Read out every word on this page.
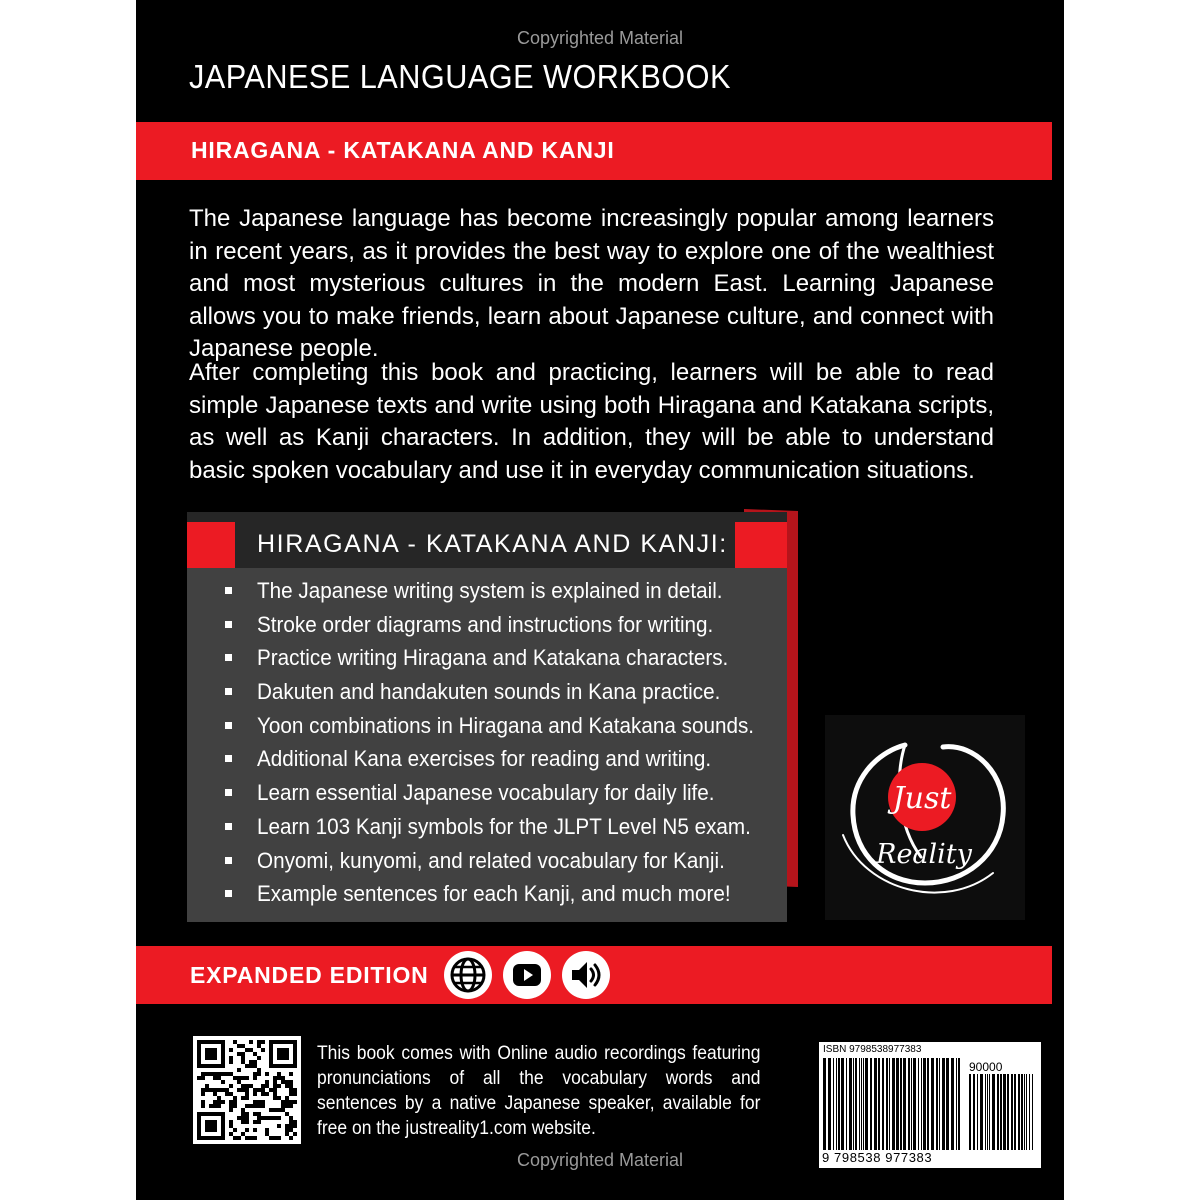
Copyrighted Material
JAPANESE LANGUAGE WORKBOOK
HIRAGANA - KATAKANA AND KANJI

The Japanese language has become increasingly popular among learners in recent years, as it provides the best way to explore one of the wealthiest and most mysterious cultures in the modern East. Learning Japanese allows you to make friends, learn about Japanese culture, and connect with Japanese people.

After completing this book and practicing, learners will be able to read simple Japanese texts and write using both Hiragana and Katakana scripts, as well as Kanji characters. In addition, they will be able to understand basic spoken vocabulary and use it in everyday communication situations.

HIRAGANA - KATAKANA AND KANJI:
The Japanese writing system is explained in detail.
Stroke order diagrams and instructions for writing.
Practice writing Hiragana and Katakana characters.
Dakuten and handakuten sounds in Kana practice.
Yoon combinations in Hiragana and Katakana sounds.
Additional Kana exercises for reading and writing.
Learn essential Japanese vocabulary for daily life.
Learn 103 Kanji symbols for the JLPT Level N5 exam.
Onyomi, kunyomi, and related vocabulary for Kanji.
Example sentences for each Kanji, and much more!
Just
Reality
EXPANDED EDITION

This book comes with Online audio recordings featuring pronunciations of all the vocabulary words and sentences by a native Japanese speaker, available for free on the justreality1.com website.

ISBN 9798538977383
90000
9 798538 977383
Copyrighted Material
